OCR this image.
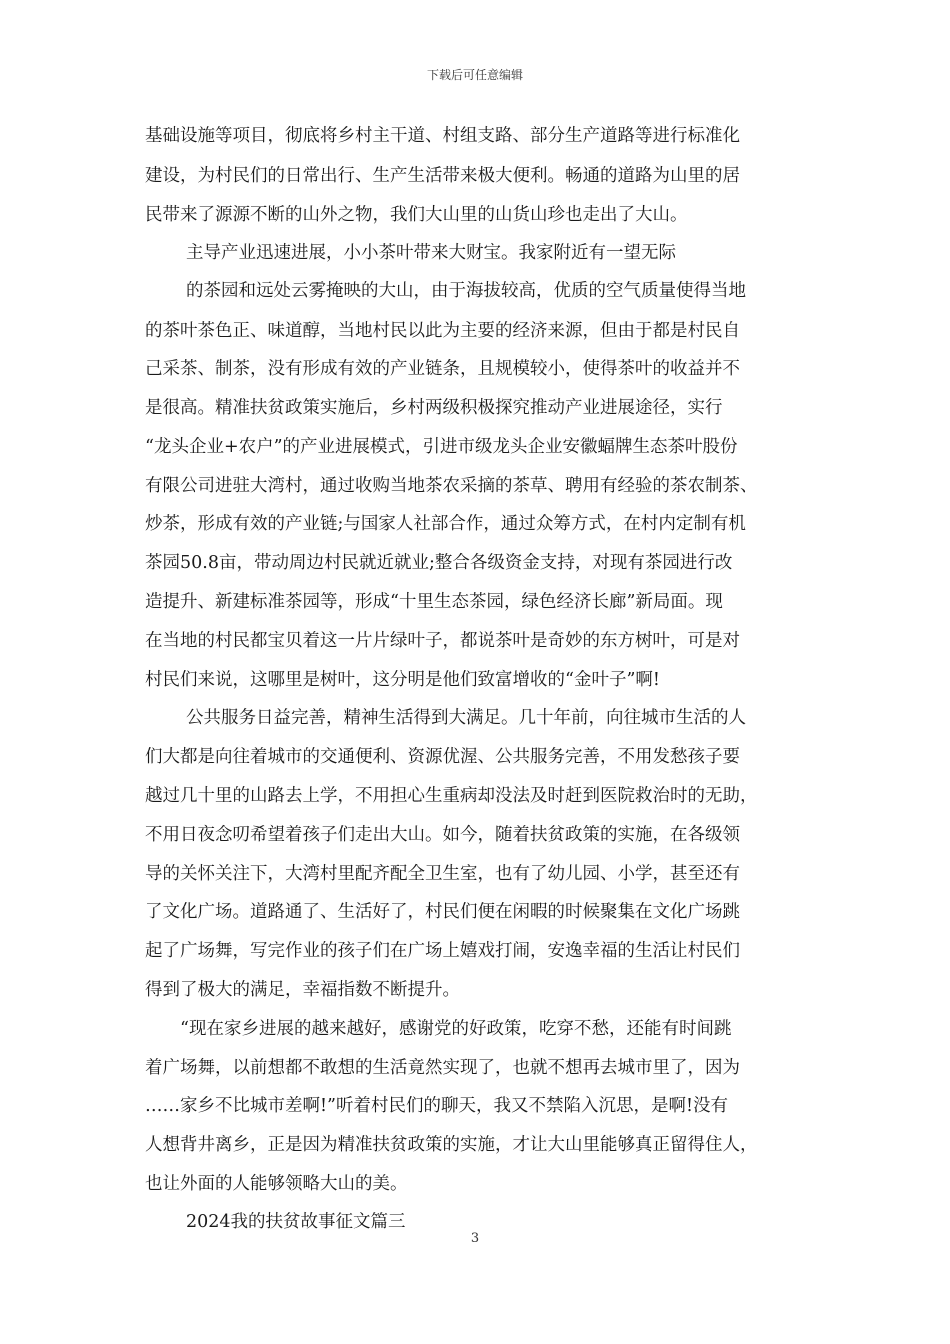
下载后可任意编辑
基础设施等项目，彻底将乡村主干道、村组支路、部分生产道路等进行标准化
建设，为村民们的日常出行、生产生活带来极大便利。畅通的道路为山里的居
民带来了源源不断的山外之物，我们大山里的山货山珍也走出了大山。
主导产业迅速进展，小小茶叶带来大财宝。我家附近有一望无际
的茶园和远处云雾掩映的大山，由于海拔较高，优质的空气质量使得当地
的茶叶茶色正、味道醇，当地村民以此为主要的经济来源，但由于都是村民自
己采茶、制茶，没有形成有效的产业链条，且规模较小，使得茶叶的收益并不
是很高。精准扶贫政策实施后，乡村两级积极探究推动产业进展途径，实行
“龙头企业+农户”的产业进展模式，引进市级龙头企业安徽蝠牌生态茶叶股份
有限公司进驻大湾村，通过收购当地茶农采摘的茶草、聘用有经验的茶农制茶、
炒茶，形成有效的产业链;与国家人社部合作，通过众筹方式，在村内定制有机
茶园50.8亩，带动周边村民就近就业;整合各级资金支持，对现有茶园进行改
造提升、新建标准茶园等，形成“十里生态茶园，绿色经济长廊”新局面。现
在当地的村民都宝贝着这一片片绿叶子，都说茶叶是奇妙的东方树叶，可是对
村民们来说，这哪里是树叶，这分明是他们致富增收的“金叶子”啊!
公共服务日益完善，精神生活得到大满足。几十年前，向往城市生活的人
们大都是向往着城市的交通便利、资源优渥、公共服务完善，不用发愁孩子要
越过几十里的山路去上学，不用担心生重病却没法及时赶到医院救治时的无助，
不用日夜念叨希望着孩子们走出大山。如今，随着扶贫政策的实施，在各级领
导的关怀关注下，大湾村里配齐配全卫生室，也有了幼儿园、小学，甚至还有
了文化广场。道路通了、生活好了，村民们便在闲暇的时候聚集在文化广场跳
起了广场舞，写完作业的孩子们在广场上嬉戏打闹，安逸幸福的生活让村民们
得到了极大的满足，幸福指数不断提升。
“现在家乡进展的越来越好，感谢党的好政策，吃穿不愁，还能有时间跳
着广场舞，以前想都不敢想的生活竟然实现了，也就不想再去城市里了，因为
……家乡不比城市差啊!”听着村民们的聊天，我又不禁陷入沉思，是啊!没有
人想背井离乡，正是因为精准扶贫政策的实施，才让大山里能够真正留得住人，
也让外面的人能够领略大山的美。
2024我的扶贫故事征文篇三
3
